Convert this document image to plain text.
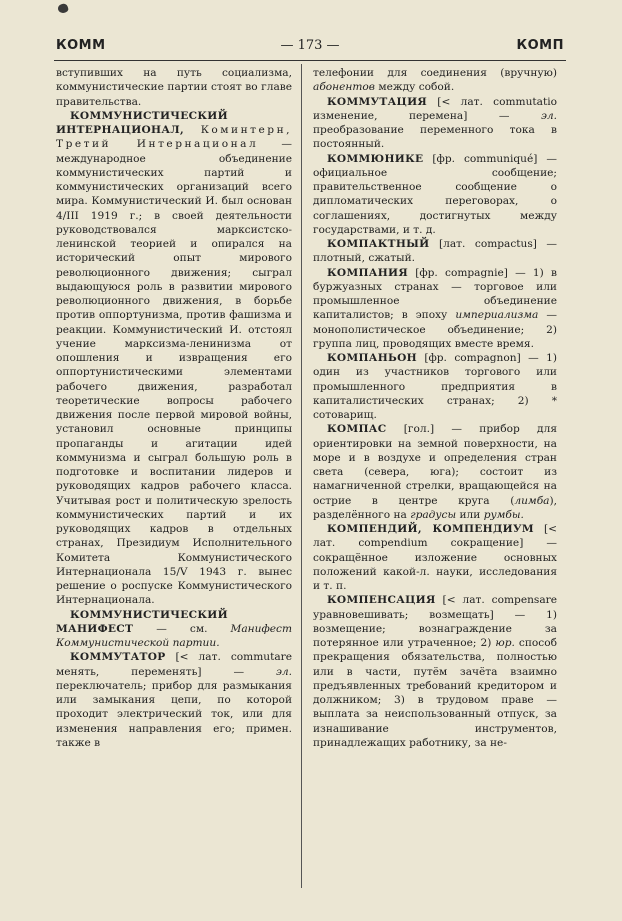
КОММ	— 173 —	КОМП

вступивших на путь социализма, коммунистические партии стоят во главе правительства.

КОММУНИСТИЧЕСКИЙ ИНТЕРНАЦИОНАЛ, Коминтерн, Третий Интернационал — международное объединение коммунистических партий и коммунистических организаций всего мира. Коммунистический И. был основан 4/III 1919 г.; в своей деятельности руководствовался марксистско-ленинской теорией и опирался на исторический опыт мирового революционного движения; сыграл выдающуюся роль в развитии мирового революционного движения, в борьбе против оппортунизма, против фашизма и реакции. Коммунистический И. отстоял учение марксизма-ленинизма от опошления и извращения его оппортунистическими элементами рабочего движения, разработал теоретические вопросы рабочего движения после первой мировой войны, установил основные принципы пропаганды и агитации идей коммунизма и сыграл большую роль в подготовке и воспитании лидеров и руководящих кадров рабочего класса. Учитывая рост и политическую зрелость коммунистических партий и их руководящих кадров в отдельных странах, Президиум Исполнительного Комитета Коммунистического Интернационала 15/V 1943 г. вынес решение о роспуске Коммунистического Интернационала.

КОММУНИСТИЧЕСКИЙ МАНИФЕСТ — см. Манифест Коммунистической партии.

КОММУТАТОР [< лат. commutare менять, переменять] — эл. переключатель; прибор для размыкания или замыкания цепи, по которой проходит электрический ток, или для изменения направления его; примен. также в

телефонии для соединения (вручную) абонентов между собой.

КОММУТАЦИЯ [< лат. commutatio изменение, перемена] — эл. преобразование переменного тока в постоянный.

КОММЮНИКЕ [фр. communiqué] — официальное сообщение; правительственное сообщение о дипломатических переговорах, о соглашениях, достигнутых между государствами, и т. д.

КОМПАКТНЫЙ [лат. compactus] — плотный, сжатый.

КОМПАНИЯ [фр. compagnie] — 1) в буржуазных странах — торговое или промышленное объединение капиталистов; в эпоху империализма — монополистическое объединение; 2) группа лиц, проводящих вместе время.

КОМПАНЬОН [фр. compagnon] — 1) один из участников торгового или промышленного предприятия в капиталистических странах; 2) * сотоварищ.

КОМПАС [гол.] — прибор для ориентировки на земной поверхности, на море и в воздухе и определения стран света (севера, юга); состоит из намагниченной стрелки, вращающейся на острие в центре круга (лимба), разделённого на градусы или румбы.

КОМПЕНДИЙ, КОМПЕНДИУМ [< лат. compendium сокращение] — сокращённое изложение основных положений какой-л. науки, исследования и т. п.

КОМПЕНСАЦИЯ [< лат. compensare уравновешивать; возмещать] — 1) возмещение; вознаграждение за потерянное или утраченное; 2) юр. способ прекращения обязательства, полностью или в части, путём зачёта взаимно предъявленных требований кредитором и должником; 3) в трудовом праве — выплата за неиспользованный отпуск, за изнашивание инструментов, принадлежащих работнику, за не-
